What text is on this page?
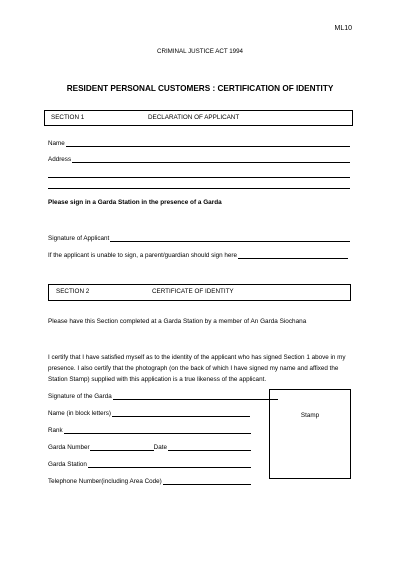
ML10
CRIMINAL JUSTICE ACT 1994
RESIDENT PERSONAL CUSTOMERS : CERTIFICATION OF IDENTITY
SECTION 1	DECLARATION OF APPLICANT
Name
Address
Please sign in a Garda Station in the presence of a Garda
Signature of Applicant
If the applicant is unable to sign, a parent/guardian should sign here
SECTION 2	CERTIFICATE OF IDENTITY
Please have this Section completed at a Garda Station by a member of An Garda Siochana
I certify that I have satisfied myself as to the identity of the applicant who has signed Section 1 above in my presence. I also certify that the photograph (on the back of which I have signed my name and affixed the Station Stamp) supplied with this application is a true likeness of the applicant.
Signature of the Garda
Name (in block letters)
Rank
Garda Number	Date
Garda Station
Telephone Number(including Area Code)
Stamp
